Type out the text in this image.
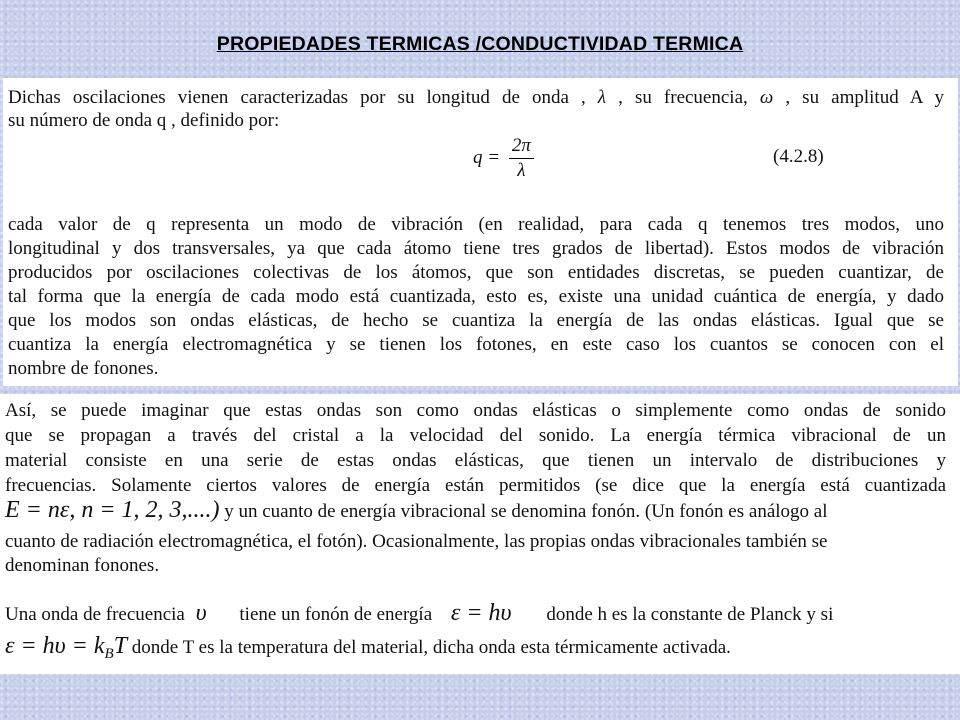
PROPIEDADES TERMICAS /CONDUCTIVIDAD TERMICA
Dichas oscilaciones vienen caracterizadas por su longitud de onda , λ , su frecuencia, ω , su amplitud A y
su número de onda q , definido por:
$q = \frac{2\pi}{\lambda}$	(4.2.8)
cada valor de q representa un modo de vibración (en realidad, para cada q tenemos tres modos, uno
longitudinal y dos transversales, ya que cada átomo tiene tres grados de libertad). Estos modos de vibración
producidos por oscilaciones colectivas de los átomos, que son entidades discretas, se pueden cuantizar, de
tal forma que la energía de cada modo está cuantizada, esto es, existe una unidad cuántica de energía, y dado
que los modos son ondas elásticas, de hecho se cuantiza la energía de las ondas elásticas. Igual que se
cuantiza la energía electromagnética y se tienen los fotones, en este caso los cuantos se conocen con el
nombre de fonones.
Así, se puede imaginar que estas ondas son como ondas elásticas o simplemente como ondas de sonido
que se propagan a través del cristal a la velocidad del sonido. La energía térmica vibracional de un
material consiste en una serie de estas ondas elásticas, que tienen un intervalo de distribuciones y
frecuencias. Solamente ciertos valores de energía están permitidos (se dice que la energía está cuantizada
E = nε, n = 1, 2, 3,....) y un cuanto de energía vibracional se denomina fonón. (Un fonón es análogo al
cuanto de radiación electromagnética, el fotón). Ocasionalmente, las propias ondas vibracionales también se
denominan fonones.
Una onda de frecuencia υ tiene un fonón de energía ε = hυ donde h es la constante de Planck y si
$\varepsilon = h\upsilon = k_BT$ donde T es la temperatura del material, dicha onda esta térmicamente activada.
